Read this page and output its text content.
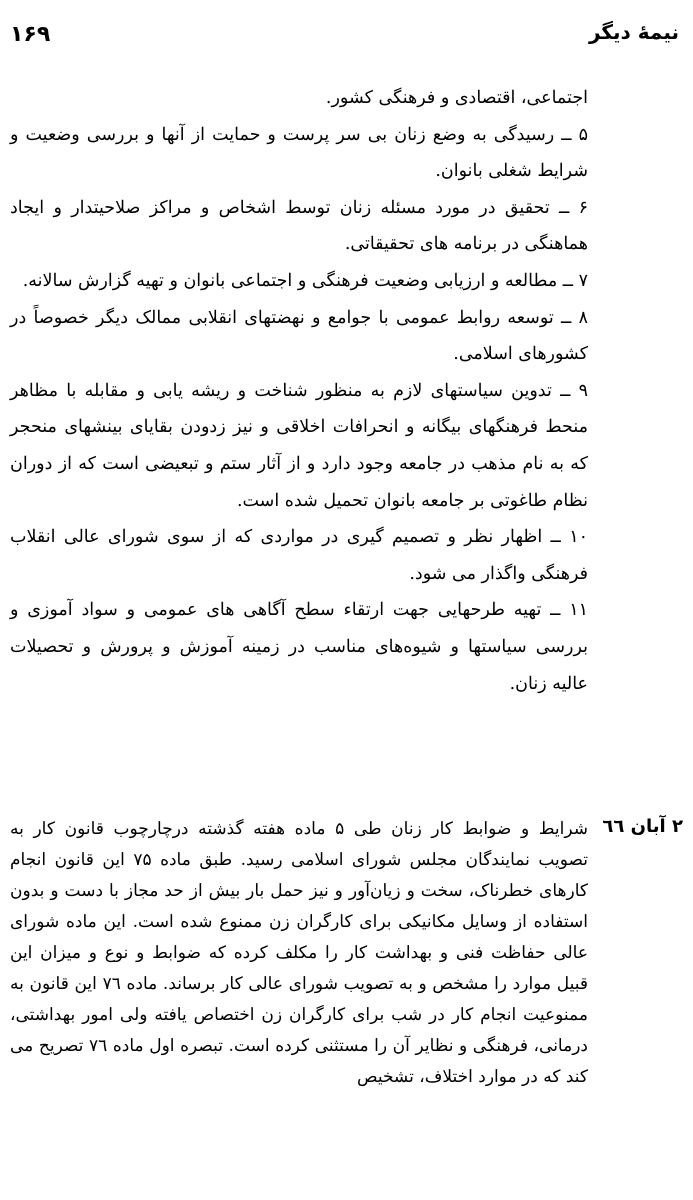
نیمۀ دیگر
۱۶۹

اجتماعی، اقتصادی و فرهنگی کشور.

۵ ــ رسیدگی به وضع زنان بی سر پرست و حمایت از آنها و بررسی وضعیت و شرایط شغلی بانوان.

۶ ــ تحقیق در مورد مسئله زنان توسط اشخاص و مراکز صلاحیتدار و ایجاد هماهنگی در برنامه های تحقیقاتی.

۷ ــ مطالعه و ارزیابی وضعیت فرهنگی و اجتماعی بانوان و تهیه گزارش سالانه.

۸ ــ توسعه روابط عمومی با جوامع و نهضتهای انقلابی ممالک دیگر خصوصاً در کشورهای اسلامی.

۹ ــ تدوین سیاستهای لازم به منظور شناخت و ریشه یابی و مقابله با مظاهر منحط فرهنگهای بیگانه و انحرافات اخلاقی و نیز زدودن بقایای بینشهای منحجر که به نام مذهب در جامعه وجود دارد و از آثار ستم و تبعیضی است که از دوران نظام طاغوتی بر جامعه بانوان تحمیل شده است.

۱۰ ــ اظهار نظر و تصمیم گیری در مواردی که از سوی شورای عالی انقلاب فرهنگی واگذار می شود.

۱۱ ــ تهیه طرحهایی جهت ارتقاء سطح آگاهی های عمومی و سواد آموزی و بررسی سیاستها و شیوه‌های مناسب در زمینه آموزش و پرورش و تحصیلات عالیه زنان.

۲ آبان ٦٦
شرایط و ضوابط کار زنان طی ۵ ماده هفته گذشته درچارچوب قانون کار به تصویب نمایندگان مجلس شورای اسلامی رسید. طبق ماده ۷۵ این قانون انجام کارهای خطرناک، سخت و زیان‌آور و نیز حمل بار بیش از حد مجاز با دست و بدون استفاده از وسایل مکانیکی برای کارگران زن ممنوع شده است. این ماده شورای عالی حفاظت فنی و بهداشت کار را مکلف کرده که ضوابط و نوع و میزان این قبیل موارد را مشخص و به تصویب شورای عالی کار برساند. ماده ۷٦ این قانون به ممنوعیت انجام کار در شب برای کارگران زن اختصاص یافته ولی امور بهداشتی، درمانی، فرهنگی و نظایر آن را مستثنی کرده است. تبصره اول ماده ۷٦ تصریح می کند که در موارد اختلاف، تشخیص
